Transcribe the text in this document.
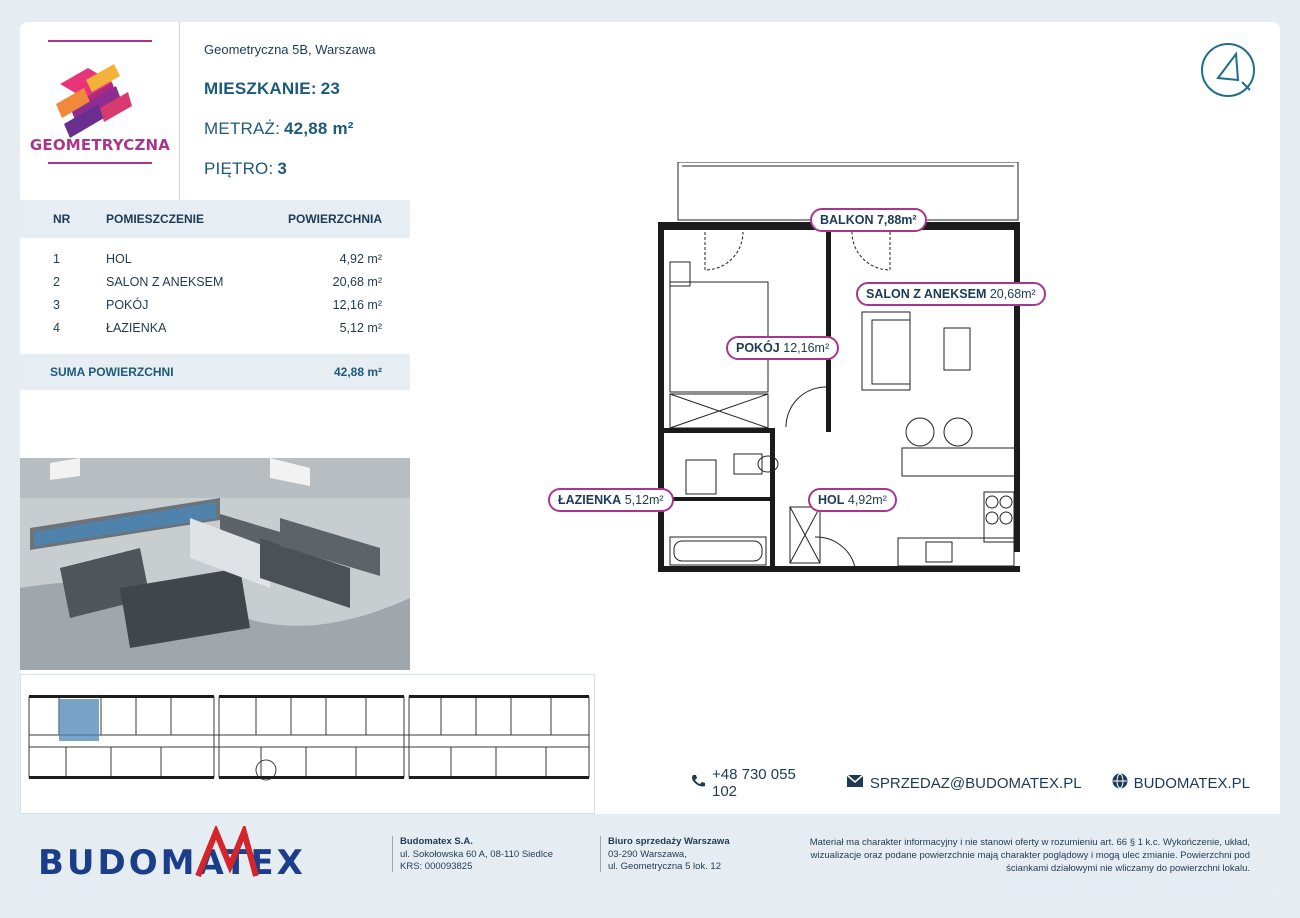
GEOMETRYCZNA
Geometryczna 5B, Warszawa
MIESZKANIE: 23
METRAŻ: 42,88 m²
PIĘTRO: 3
NR	POMIESZCZENIE	POWIERZCHNIA
1	HOL	4,92 m²
2	SALON Z ANEKSEM	20,68 m²
3	POKÓJ	12,16 m²
4	ŁAZIENKA	5,12 m²
SUMA POWIERZCHNI	42,88 m²
BALKON 7,88m²
SALON Z ANEKSEM 20,68m²
POKÓJ 12,16m²
ŁAZIENKA 5,12m²	HOL 4,92m²
+48 730 055 102	SPRZEDAZ@BUDOMATEX.PL	BUDOMATEX.PL
BUDOMATEX
Budomatex S.A.
ul. Sokołowska 60 A, 08-110 Siedlce
KRS: 000093825
Biuro sprzedaży Warszawa
03-290 Warszawa,
ul. Geometryczna 5 lok. 12
Materiał ma charakter informacyjny i nie stanowi oferty w rozumieniu art. 66 § 1 k.c. Wykończenie, układ, wizualizacje oraz podane powierzchnie mają charakter poglądowy i mogą ulec zmianie. Powierzchni pod ściankami działowymi nie wliczamy do powierzchni lokalu.
